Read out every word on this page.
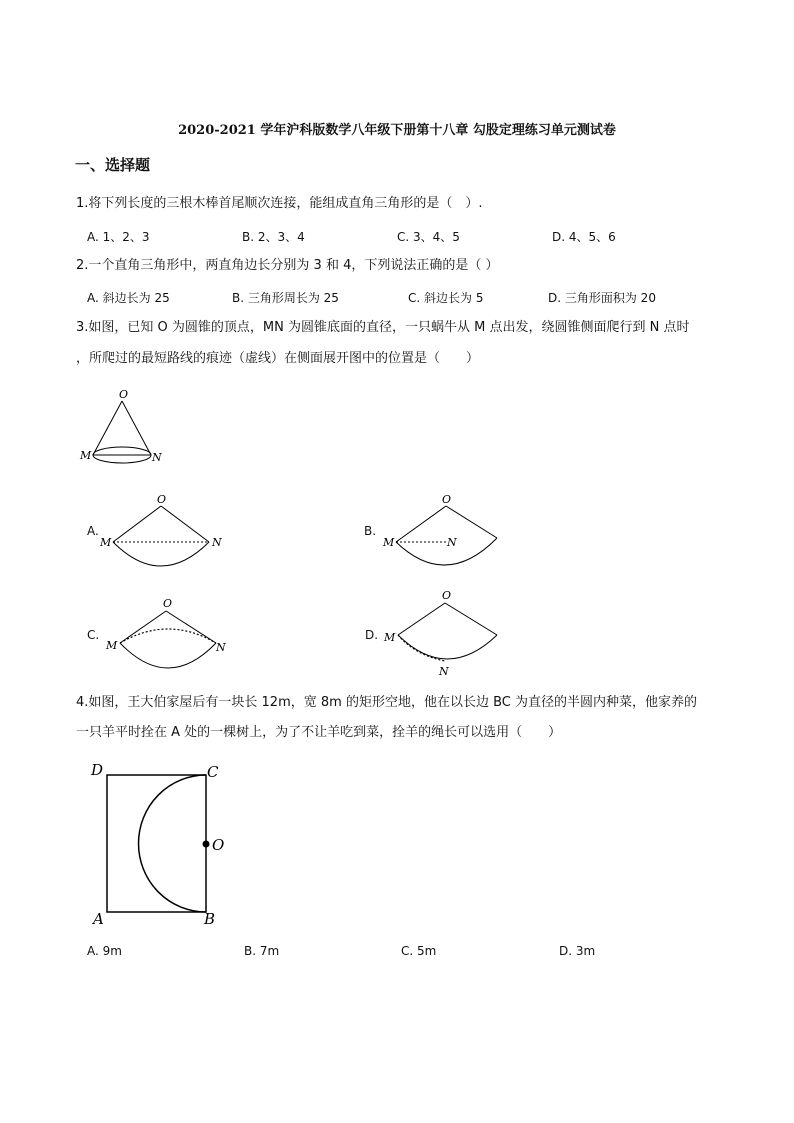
2020-2021 学年沪科版数学八年级下册第十八章 勾股定理练习单元测试卷
一、选择题
1.将下列长度的三根木棒首尾顺次连接，能组成直角三角形的是（　）.
A. 1、2、3	B. 2、3、4	C. 3、4、5	D. 4、5、6
2.一个直角三角形中，两直角边长分别为 3 和 4，下列说法正确的是（ ）
A. 斜边长为 25	B. 三角形周长为 25	C. 斜边长为 5	D. 三角形面积为 20
3.如图，已知 O 为圆锥的顶点，MN 为圆锥底面的直径，一只蜗牛从 M 点出发，绕圆锥侧面爬行到 N 点时
，所爬过的最短路线的痕迹（虚线）在侧面展开图中的位置是（　　）
O
M	N
A.
O
M	N
B.
O
M	N
C.
O
M	N
D.
O
M
N
4.如图，王大伯家屋后有一块长 12m，宽 8m 的矩形空地，他在以长边 BC 为直径的半圆内种菜，他家养的
一只羊平时拴在 A 处的一棵树上，为了不让羊吃到菜，拴羊的绳长可以选用（　　）
D	C
O
A	B
A. 9m	B. 7m	C. 5m	D. 3m
